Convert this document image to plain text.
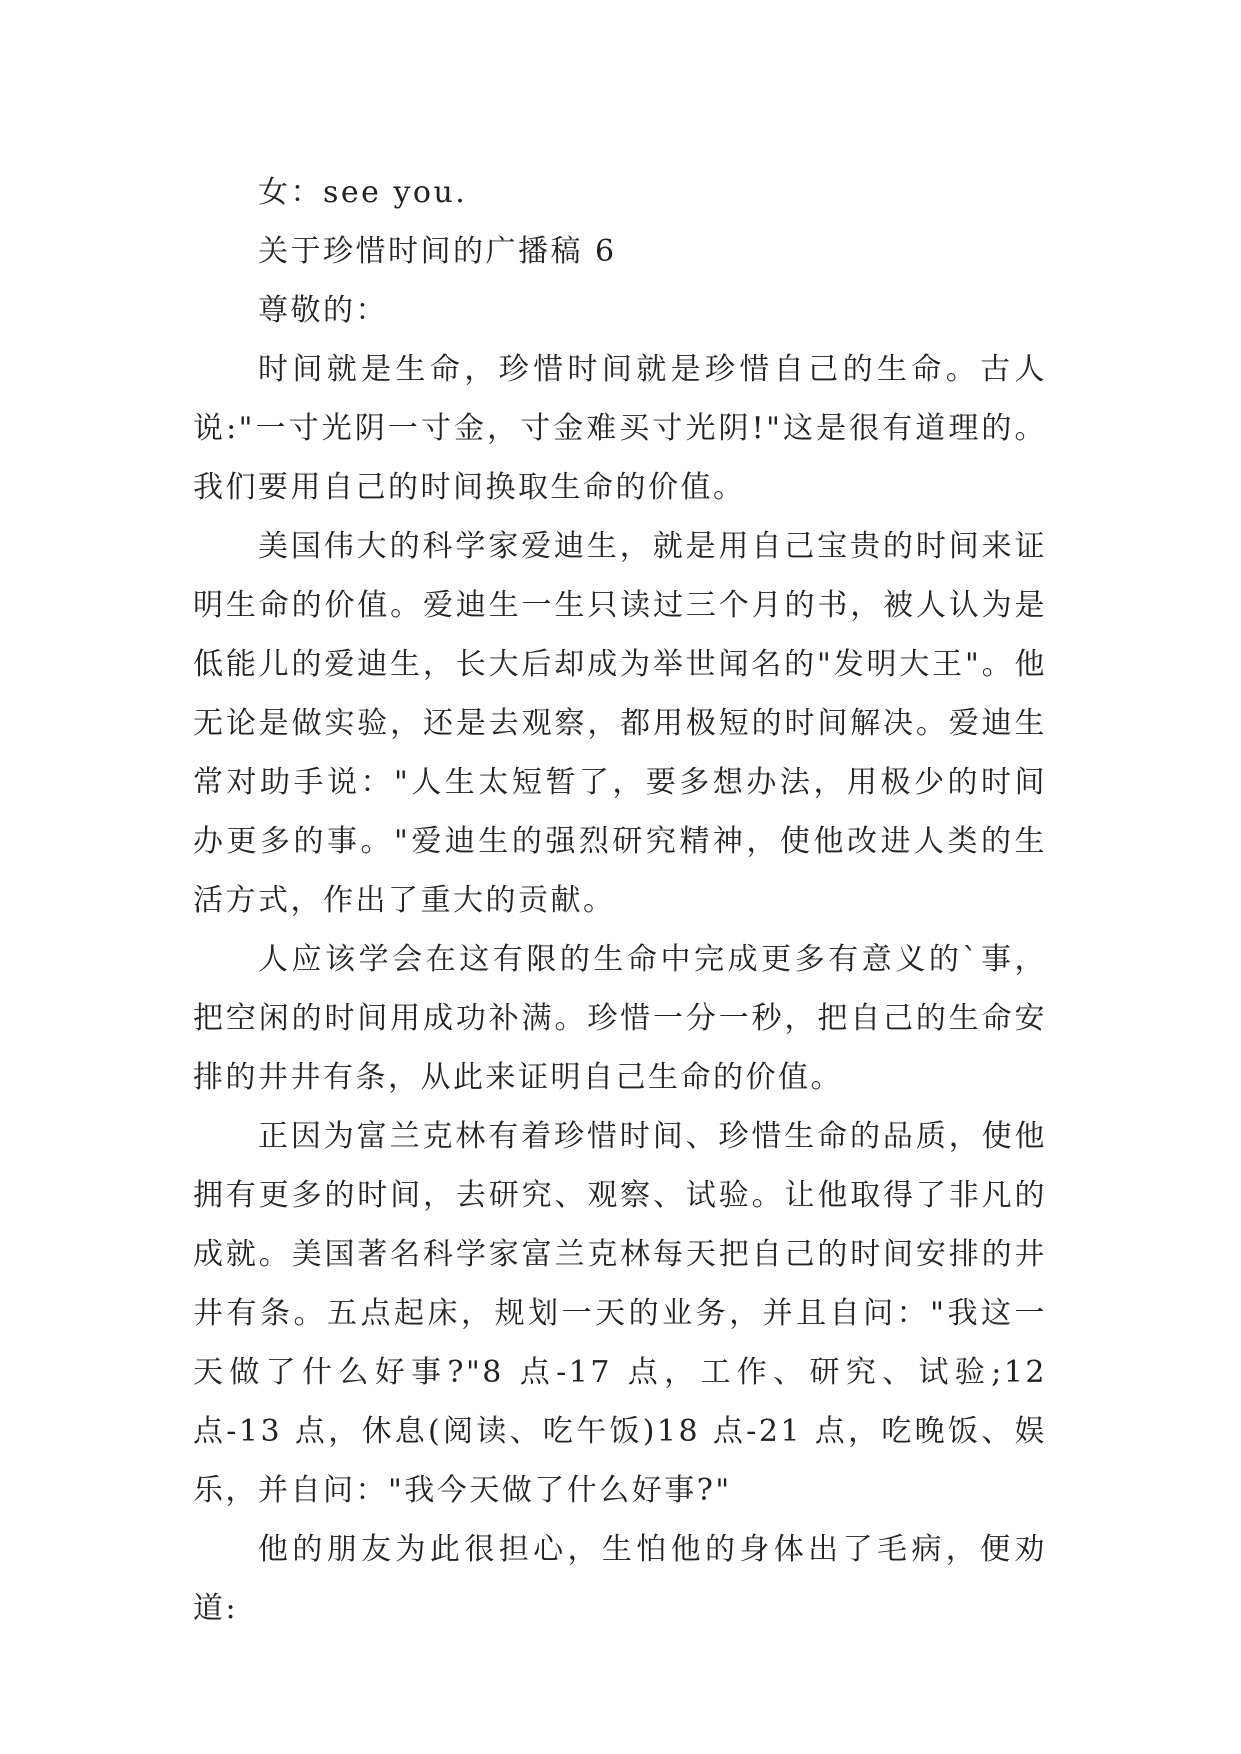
女：see you.

关于珍惜时间的广播稿 6

尊敬的：

时间就是生命，珍惜时间就是珍惜自己的生命。古人说:"一寸光阴一寸金，寸金难买寸光阴!"这是很有道理的。我们要用自己的时间换取生命的价值。

美国伟大的科学家爱迪生，就是用自己宝贵的时间来证明生命的价值。爱迪生一生只读过三个月的书，被人认为是低能儿的爱迪生，长大后却成为举世闻名的"发明大王"。他无论是做实验，还是去观察，都用极短的时间解决。爱迪生常对助手说："人生太短暂了，要多想办法，用极少的时间办更多的事。"爱迪生的强烈研究精神，使他改进人类的生活方式，作出了重大的贡献。

人应该学会在这有限的生命中完成更多有意义的`事，把空闲的时间用成功补满。珍惜一分一秒，把自己的生命安排的井井有条，从此来证明自己生命的价值。

正因为富兰克林有着珍惜时间、珍惜生命的品质，使他拥有更多的时间，去研究、观察、试验。让他取得了非凡的成就。美国著名科学家富兰克林每天把自己的时间安排的井井有条。五点起床，规划一天的业务，并且自问："我这一天做了什么好事?"8 点-17 点，工作、研究、试验;12 点-13 点，休息(阅读、吃午饭)18 点-21 点，吃晚饭、娱乐，并自问："我今天做了什么好事?"

他的朋友为此很担心，生怕他的身体出了毛病，便劝道:
